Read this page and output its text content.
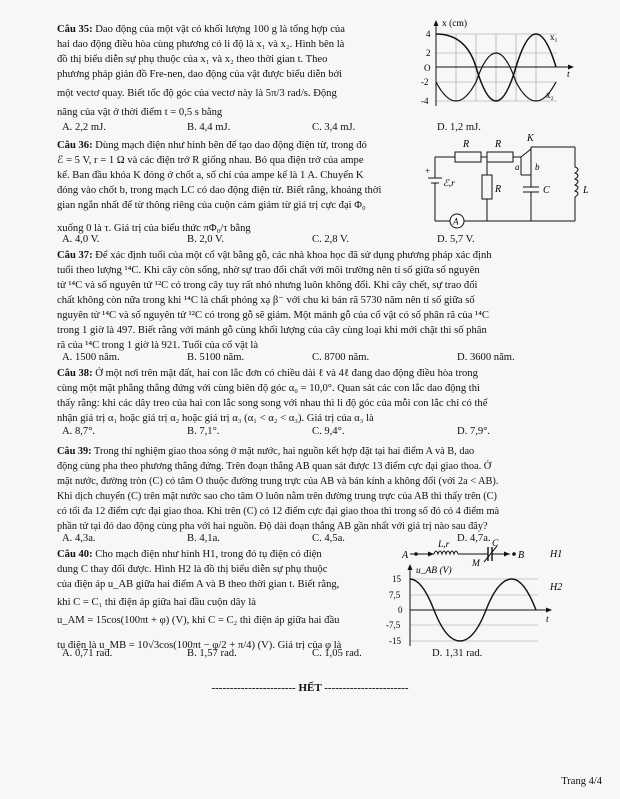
Câu 35: Dao động của một vật có khối lượng 100 g là tổng hợp của
hai dao động điều hòa cùng phương có li độ là x₁ và x₂. Hình bên là
đồ thị biểu diễn sự phụ thuộc của x₁ và x₂ theo thời gian t. Theo
phương pháp giản đồ Fre-nen, dao động của vật được biểu diễn bởi
một vectơ quay. Biết tốc độ góc của vectơ này là 5π/3 rad/s. Động
năng của vật ở thời điểm t = 0,5 s bằng
A. 2,2 mJ.	B. 4,4 mJ.	C. 3,4 mJ.	D. 1,2 mJ.
x (cm)
4
2
O
-2
-4
t
x₁
x₂
Câu 36: Dùng mạch điện như hình bên để tạo dao động điện từ, trong đó
ℰ = 5 V, r = 1 Ω và các điện trở R giống nhau. Bỏ qua điện trở của ampe
kế. Ban đầu khóa K đóng ở chốt a, số chỉ của ampe kế là 1 A. Chuyển K
đóng vào chốt b, trong mạch LC có dao động điện từ. Biết rằng, khoảng thời
gian ngắn nhất để từ thông riêng của cuộn cảm giảm từ giá trị cực đại Φ₀
xuống 0 là τ. Giá trị của biểu thức πΦ₀/τ bằng
A. 4,0 V.	B. 2,0 V.	C. 2,8 V.	D. 5,7 V.
A
R	R
R
K
a b
C	L
ℰ,r
+
Câu 37: Để xác định tuổi của một cổ vật bằng gỗ, các nhà khoa học đã sử dụng phương pháp xác định
tuổi theo lượng ¹⁴C. Khi cây còn sống, nhờ sự trao đổi chất với môi trường nên tỉ số giữa số nguyên
tử ¹⁴C và số nguyên tử ¹²C có trong cây tuy rất nhỏ nhưng luôn không đổi. Khi cây chết, sự trao đổi
chất không còn nữa trong khi ¹⁴C là chất phóng xạ β⁻ với chu kì bán rã 5730 năm nên tỉ số giữa số
nguyên tử ¹⁴C và số nguyên tử ¹²C có trong gỗ sẽ giảm. Một mảnh gỗ của cổ vật có số phân rã của ¹⁴C
trong 1 giờ là 497. Biết rằng với mảnh gỗ cùng khối lượng của cây cùng loại khi mới chặt thì số phân
rã của ¹⁴C trong 1 giờ là 921. Tuổi của cổ vật là
A. 1500 năm.	B. 5100 năm.	C. 8700 năm.	D. 3600 năm.
Câu 38: Ở một nơi trên mặt đất, hai con lắc đơn có chiều dài ℓ và 4ℓ đang dao động điều hòa trong
cùng một mặt phẳng thẳng đứng với cùng biên độ góc α₀ = 10,0°. Quan sát các con lắc dao động thì
thấy rằng: khi các dây treo của hai con lắc song song với nhau thì li độ góc của mỗi con lắc chỉ có thể
nhận giá trị α₁ hoặc giá trị α₂ hoặc giá trị α₃ (α₁ < α₂ < α₃). Giá trị của α₃ là
A. 8,7°.	B. 7,1°.	C. 9,4°.	D. 7,9°.
Câu 39: Trong thí nghiệm giao thoa sóng ở mặt nước, hai nguồn kết hợp đặt tại hai điểm A và B, dao
động cùng pha theo phương thẳng đứng. Trên đoạn thẳng AB quan sát được 13 điểm cực đại giao thoa. Ở
mặt nước, đường tròn (C) có tâm O thuộc đường trung trực của AB và bán kính a không đổi (với 2a < AB).
Khi dịch chuyển (C) trên mặt nước sao cho tâm O luôn nằm trên đường trung trực của AB thì thấy trên (C)
có tối đa 12 điểm cực đại giao thoa. Khi trên (C) có 12 điểm cực đại giao thoa thì trong số đó có 4 điểm mà
phần tử tại đó dao động cùng pha với hai nguồn. Độ dài đoạn thẳng AB gần nhất với giá trị nào sau đây?
A. 4,3a.	B. 4,1a.	C. 4,5a.	D. 4,7a.
Câu 40: Cho mạch điện như hình H1, trong đó tụ điện có điện
dung C thay đổi được. Hình H2 là đồ thị biểu diễn sự phụ thuộc
của điện áp u_AB giữa hai điểm A và B theo thời gian t. Biết rằng,
khi C = C₁ thì điện áp giữa hai đầu cuộn dây là
u_AM = 15cos(100πt + φ) (V), khi C = C₂ thì điện áp giữa hai đầu
tụ điện là u_MB = 10√3cos(100πt − φ/2 + π/4) (V). Giá trị của φ là
A. 0,71 rad.	B. 1,57 rad.	C. 1,05 rad.	D. 1,31 rad.
A	B
M
L,r	C
H1
u_AB (V)
15
7,5
0
-7,5
-15
t
H2
----------------------- HẾT -----------------------
Trang 4/4
